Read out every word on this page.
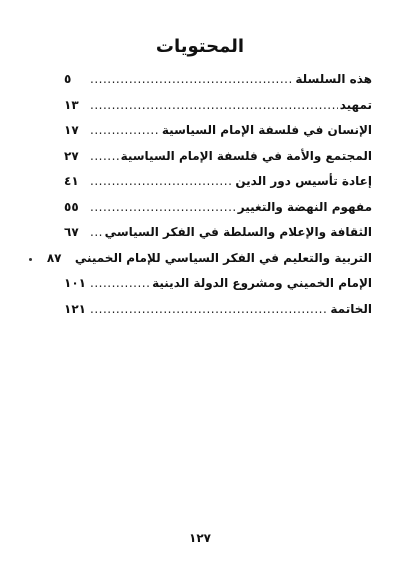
المحتويات
هذه السلسلة
.....
٥
تمهيد
.....
١٣
الإنسان في فلسفة الإمام السياسية
.....
١٧
المجتمع والأمة في فلسفة الإمام السياسية
.....
٢٧
إعادة تأسيس دور الدين
.....
٤١
مفهوم النهضة والتغيير
.....
٥٥
الثقافة والإعلام والسلطة في الفكر السياسي
.....
٦٧
التربية والتعليم في الفكر السياسي للإمام الخميني
٨٧
الإمام الخميني ومشروع الدولة الدينية
.....
١٠١
الخاتمة
.....
١٢١
١٢٧
